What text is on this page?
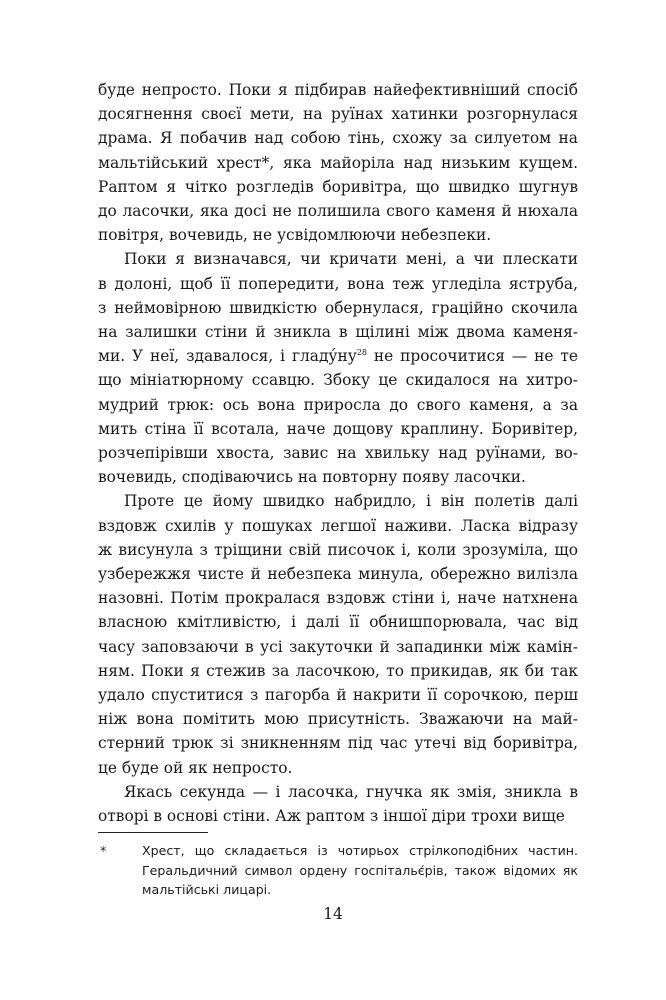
буде непросто. Поки я підбирав найефективніший спосіб
досягнення своєї мети, на руїнах хатинки розгорнулася
драма. Я побачив над собою тінь, схожу за силуетом на
мальтійський хрест*, яка майоріла над низьким кущем.
Раптом я чітко розгледів боривітра, що швидко шугнув
до ласочки, яка досі не полишила свого каменя й нюхала
повітря, вочевидь, не усвідомлюючи небезпеки.

Поки я визначався, чи кричати мені, а чи плескати
в долоні, щоб її попередити, вона теж угледіла яструба,
з неймовірною швидкістю обернулася, граційно скочила
на залишки стіни й зникла в щілині між двома каменя-
ми. У неї, здавалося, і $гладу́ну^{28}$ не просочитися — не те
що мініатюрному ссавцю. Збоку це скидалося на хитро-
мудрий трюк: ось вона приросла до свого каменя, а за
мить стіна її всотала, наче дощову краплину. Боривітер,
розчепірівши хвоста, завис на хвильку над руїнами, во-
вочевидь, сподіваючись на повторну появу ласочки.

Проте це йому швидко набридло, і він полетів далі
вздовж схилів у пошуках легшої наживи. Ласка відразу
ж висунула з тріщини свій писочок і, коли зрозуміла, що
узбережжя чисте й небезпека минула, обережно вилізла
назовні. Потім прокралася вздовж стіни і, наче натхнена
власною кмітливістю, і далі її обнишпорювала, час від
часу заповзаючи в усі закуточки й западинки між камін-
ням. Поки я стежив за ласочкою, то прикидав, як би так
удало спуститися з пагорба й накрити її сорочкою, перш
ніж вона помітить мою присутність. Зважаючи на май-
стерний трюк зі зникненням під час утечі від боривітра,
це буде ой як непросто.

Якась секунда — і ласочка, гнучка як змія, зникла в
отворі в основі стіни. Аж раптом з іншої діри трохи вище

*	Хрест, що складається із чотирьох стрілкоподібних частин.
Геральдичний символ ордену госпітальє́рів, також відомих як
мальтійські лицарі.
14
